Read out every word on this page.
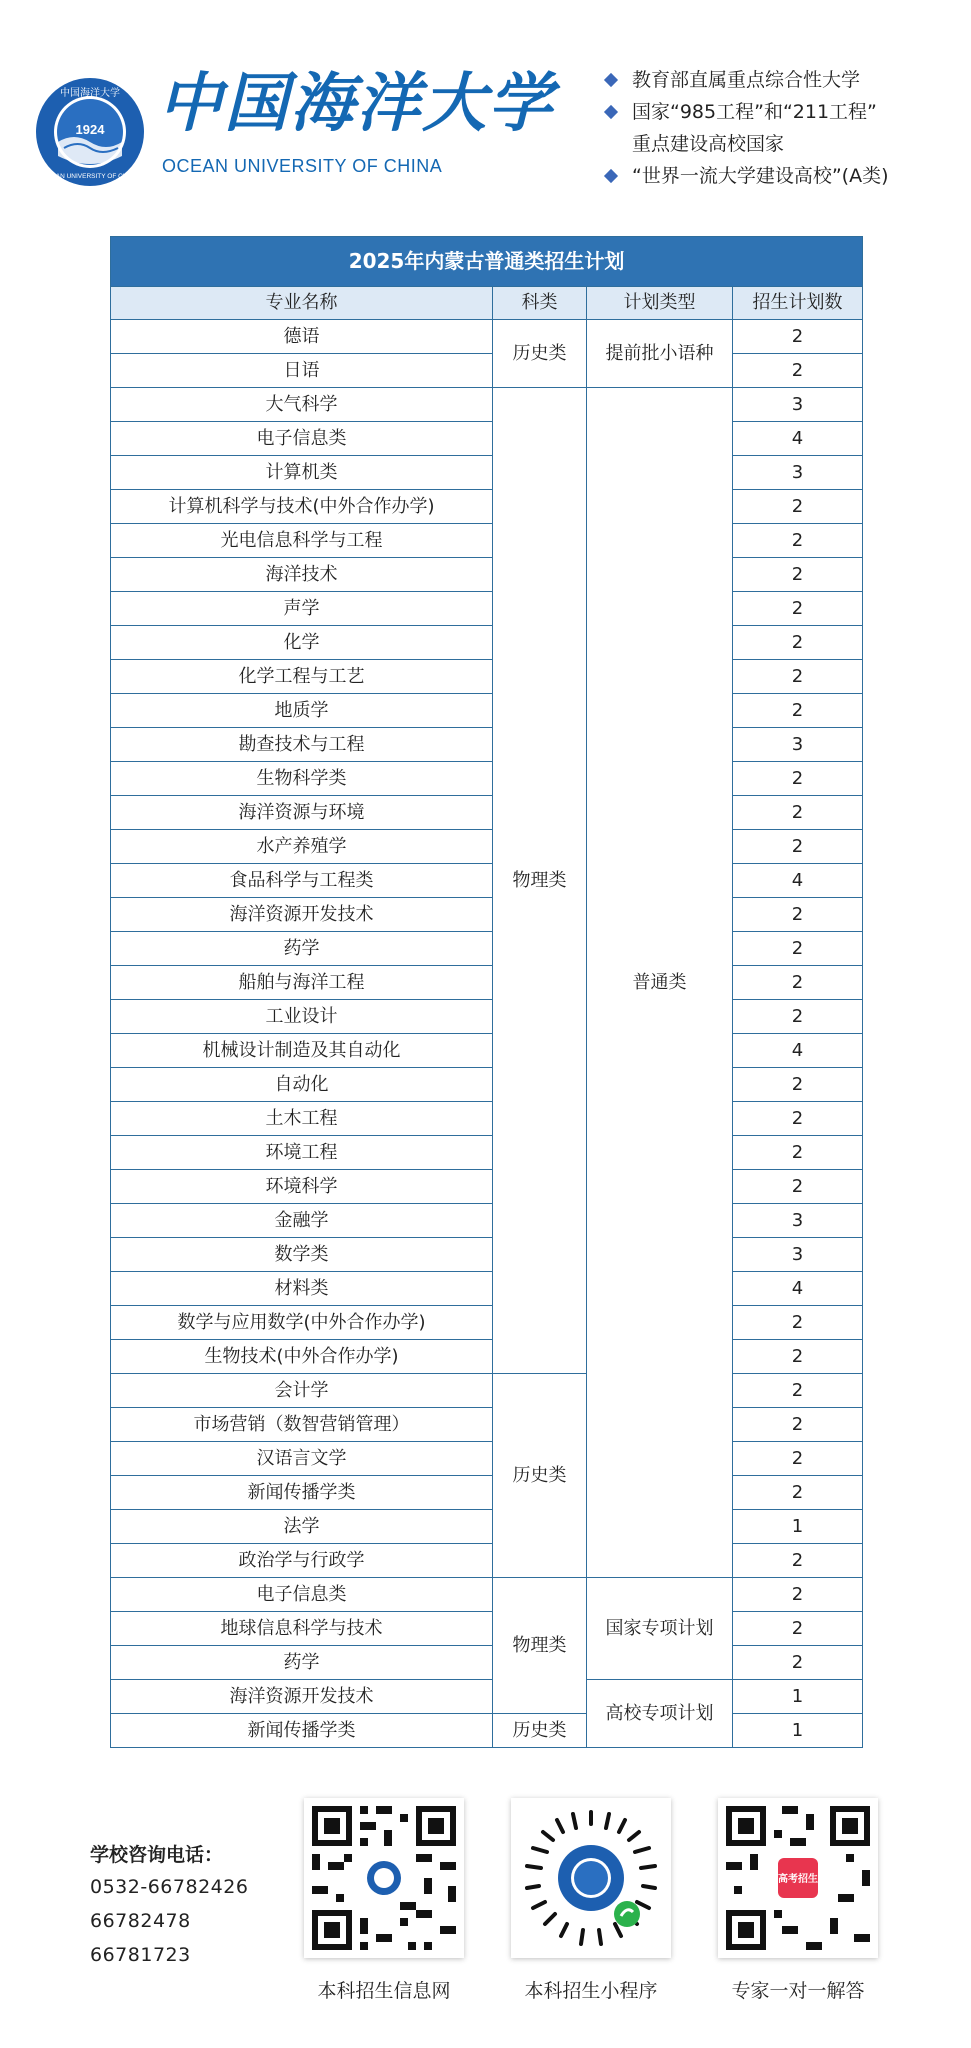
1924
中国海洋大学
OCEAN UNIVERSITY OF CHINA
中国海洋大学
OCEAN UNIVERSITY OF CHINA
教育部直属重点综合性大学
国家“985工程”和“211工程”
重点建设高校国家
“世界一流大学建设高校”(A类)
2025年内蒙古普通类招生计划			
专业名称	科类	计划类型	招生计划数
德语	历史类	提前批小语种	2
日语			2
大气科学	物理类	普通类	3
电子信息类			4
计算机类			3
计算机科学与技术(中外合作办学)			2
光电信息科学与工程			2
海洋技术			2
声学			2
化学			2
化学工程与工艺			2
地质学			2
勘查技术与工程			3
生物科学类			2
海洋资源与环境			2
水产养殖学			2
食品科学与工程类			4
海洋资源开发技术			2
药学			2
船舶与海洋工程			2
工业设计			2
机械设计制造及其自动化			4
自动化			2
土木工程			2
环境工程			2
环境科学			2
金融学			3
数学类			3
材料类			4
数学与应用数学(中外合作办学)			2
生物技术(中外合作办学)			2
会计学	历史类		2
市场营销（数智营销管理）			2
汉语言文学			2
新闻传播学类			2
法学			1
政治学与行政学			2
电子信息类	物理类	国家专项计划	2
地球信息科学与技术			2
药学			2
海洋资源开发技术		高校专项计划	1
新闻传播学类	历史类		1
学校咨询电话：
0532-66782426
66782478
66781723
本科招生信息网	本科招生小程序
高考招生
专家一对一解答
